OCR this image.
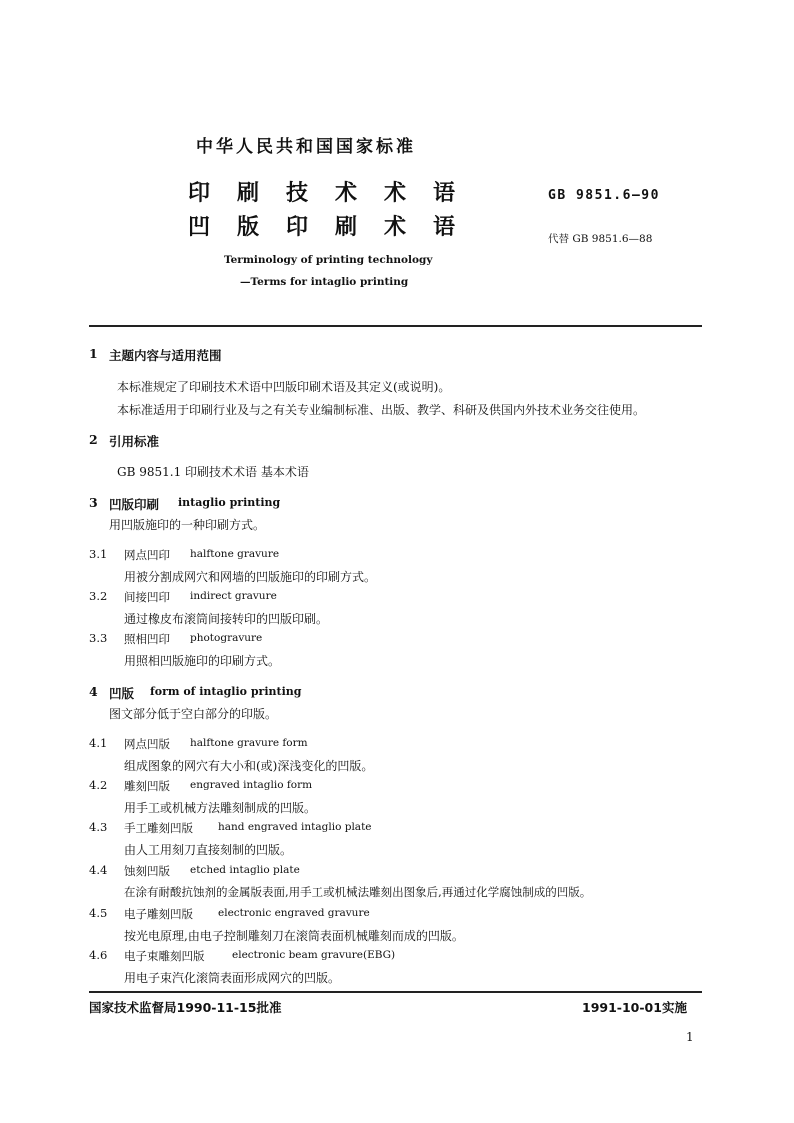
中华人民共和国国家标准
印刷技术术语
凹版印刷术语
GB 9851.6—90
代替 GB 9851.6—88
Terminology of printing technology
—Terms for intaglio printing
1 主题内容与适用范围
本标准规定了印刷技术术语中凹版印刷术语及其定义(或说明)。
本标准适用于印刷行业及与之有关专业编制标准、出版、教学、科研及供国内外技术业务交往使用。
2 引用标准
GB 9851.1 印刷技术术语 基本术语
3 凹版印刷 intaglio printing
用凹版施印的一种印刷方式。
3.1 网点凹印 halftone gravure
用被分割成网穴和网墙的凹版施印的印刷方式。
3.2 间接凹印 indirect gravure
通过橡皮布滚筒间接转印的凹版印刷。
3.3 照相凹印 photogravure
用照相凹版施印的印刷方式。
4 凹版 form of intaglio printing
图文部分低于空白部分的印版。
4.1 网点凹版 halftone gravure form
组成图象的网穴有大小和(或)深浅变化的凹版。
4.2 雕刻凹版 engraved intaglio form
用手工或机械方法雕刻制成的凹版。
4.3 手工雕刻凹版 hand engraved intaglio plate
由人工用刻刀直接刻制的凹版。
4.4 蚀刻凹版 etched intaglio plate
在涂有耐酸抗蚀剂的金属版表面,用手工或机械法雕刻出图象后,再通过化学腐蚀制成的凹版。
4.5 电子雕刻凹版 electronic engraved gravure
按光电原理,由电子控制雕刻刀在滚筒表面机械雕刻而成的凹版。
4.6 电子束雕刻凹版	electronic beam gravure(EBG)
用电子束汽化滚筒表面形成网穴的凹版。
国家技术监督局1990-11-15批准	1991-10-01实施
1
